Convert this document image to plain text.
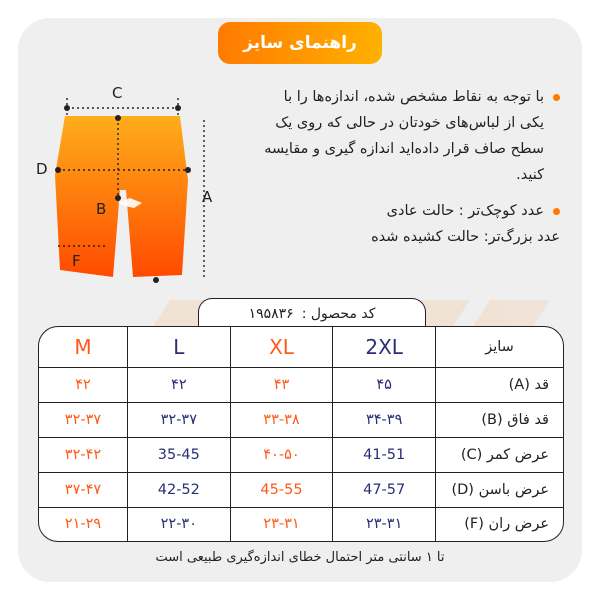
راهنمای سایز
C
D
B
A
F
با توجه به نقاط مشخص شده، اندازه‌ها را با یکی از لباس‌های خودتان در حالی که روی یک سطح صاف قرار داده‌اید اندازه گیری و مقایسه کنید.
عدد کوچک‌تر : حالت عادی
عدد بزرگ‌تر: حالت کشیده شده
کد محصول :
۱۹۵۸۳۶
سایز	2XL	XL	L	M
قد (A)	۴۵	۴۳	۴۲	۴۲
قد فاق (B)	۳۴-۳۹	۳۳-۳۸	۳۲-۳۷	۳۲-۳۷
عرض کمر (C)	41-51	۴۰-۵۰	35-45	۳۲-۴۲
عرض باسن (D)	47-57	45-55	42-52	۳۷-۴۷
عرض ران (F)	۲۳-۳۱	۲۳-۳۱	۲۲-۳۰	۲۱-۲۹
تا ۱ سانتی متر احتمال خطای اندازه‌گیری طبیعی است
